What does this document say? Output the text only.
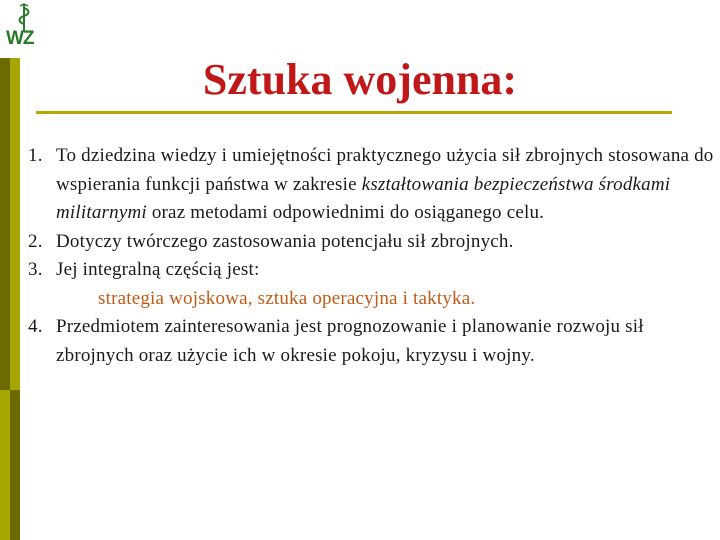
WZ
Sztuka wojenna:
1. To dziedzina wiedzy i umiejętności praktycznego użycia sił zbrojnych stosowana do wspierania funkcji państwa w zakresie kształtowania bezpieczeństwa środkami militarnymi oraz metodami odpowiednimi do osiąganego celu.
2. Dotyczy twórczego zastosowania potencjału sił zbrojnych.
3. Jej integralną częścią jest:
strategia wojskowa, sztuka operacyjna i taktyka.
4. Przedmiotem zainteresowania jest prognozowanie i planowanie rozwoju sił zbrojnych oraz użycie ich w okresie pokoju, kryzysu i wojny.
